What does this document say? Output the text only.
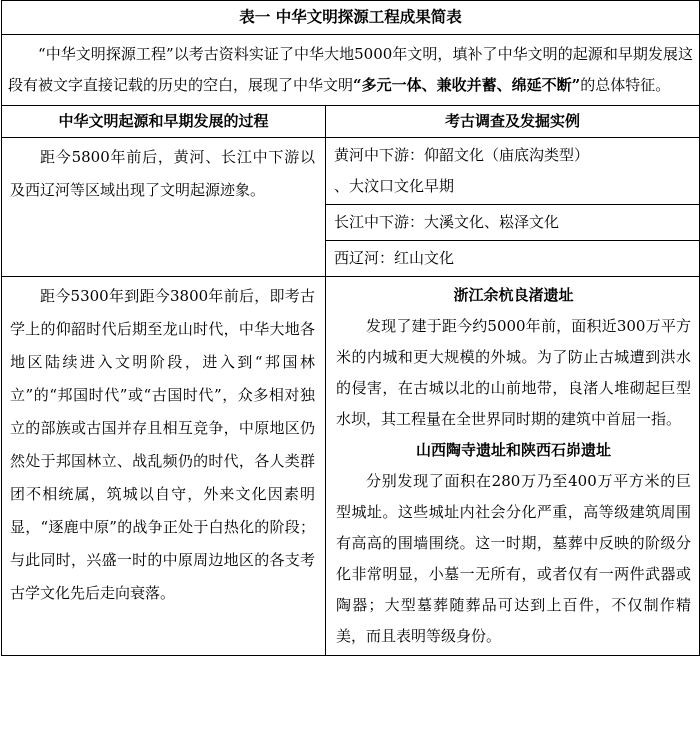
表一 中华文明探源工程成果简表	
“中华文明探源工程”以考古资料实证了中华大地5000年文明，填补了中华文明的起源和早期发展这段有被文字直接记载的历史的空白，展现了中华文明“多元一体、兼收并蓄、绵延不断”的总体特征。	
中华文明起源和早期发展的过程	考古调查及发掘实例
距今5800年前后，黄河、长江中下游以及西辽河等区域出现了文明起源迹象。	黄河中下游：仰韶文化（庙底沟类型）
、大汶口文化早期

	长江中下游：大溪文化、崧泽文化
	西辽河：红山文化
距今5300年到距今3800年前后，即考古学上的仰韶时代后期至龙山时代，中华大地各地区陆续进入文明阶段，进入到“邦国林立”的“邦国时代”或“古国时代”，众多相对独立的部族或古国并存且相互竞争，中原地区仍然处于邦国林立、战乱频仍的时代，各人类群团不相统属，筑城以自守，外来文化因素明显，“逐鹿中原”的战争正处于白热化的阶段；与此同时，兴盛一时的中原周边地区的各支考古学文化先后走向衰落。	浙江余杭良渚遗址
发现了建于距今约5000年前，面积近300万平方米的内城和更大规模的外城。为了防止古城遭到洪水的侵害，在古城以北的山前地带，良渚人堆砌起巨型水坝，其工程量在全世界同时期的建筑中首屈一指。
山西陶寺遗址和陕西石峁遗址
分别发现了面积在280万乃至400万平方米的巨型城址。这些城址内社会分化严重，高等级建筑周围有高高的围墙围绕。这一时期，墓葬中反映的阶级分化非常明显，小墓一无所有，或者仅有一两件武器或陶器；大型墓葬随葬品可达到上百件，不仅制作精美，而且表明等级身份。
